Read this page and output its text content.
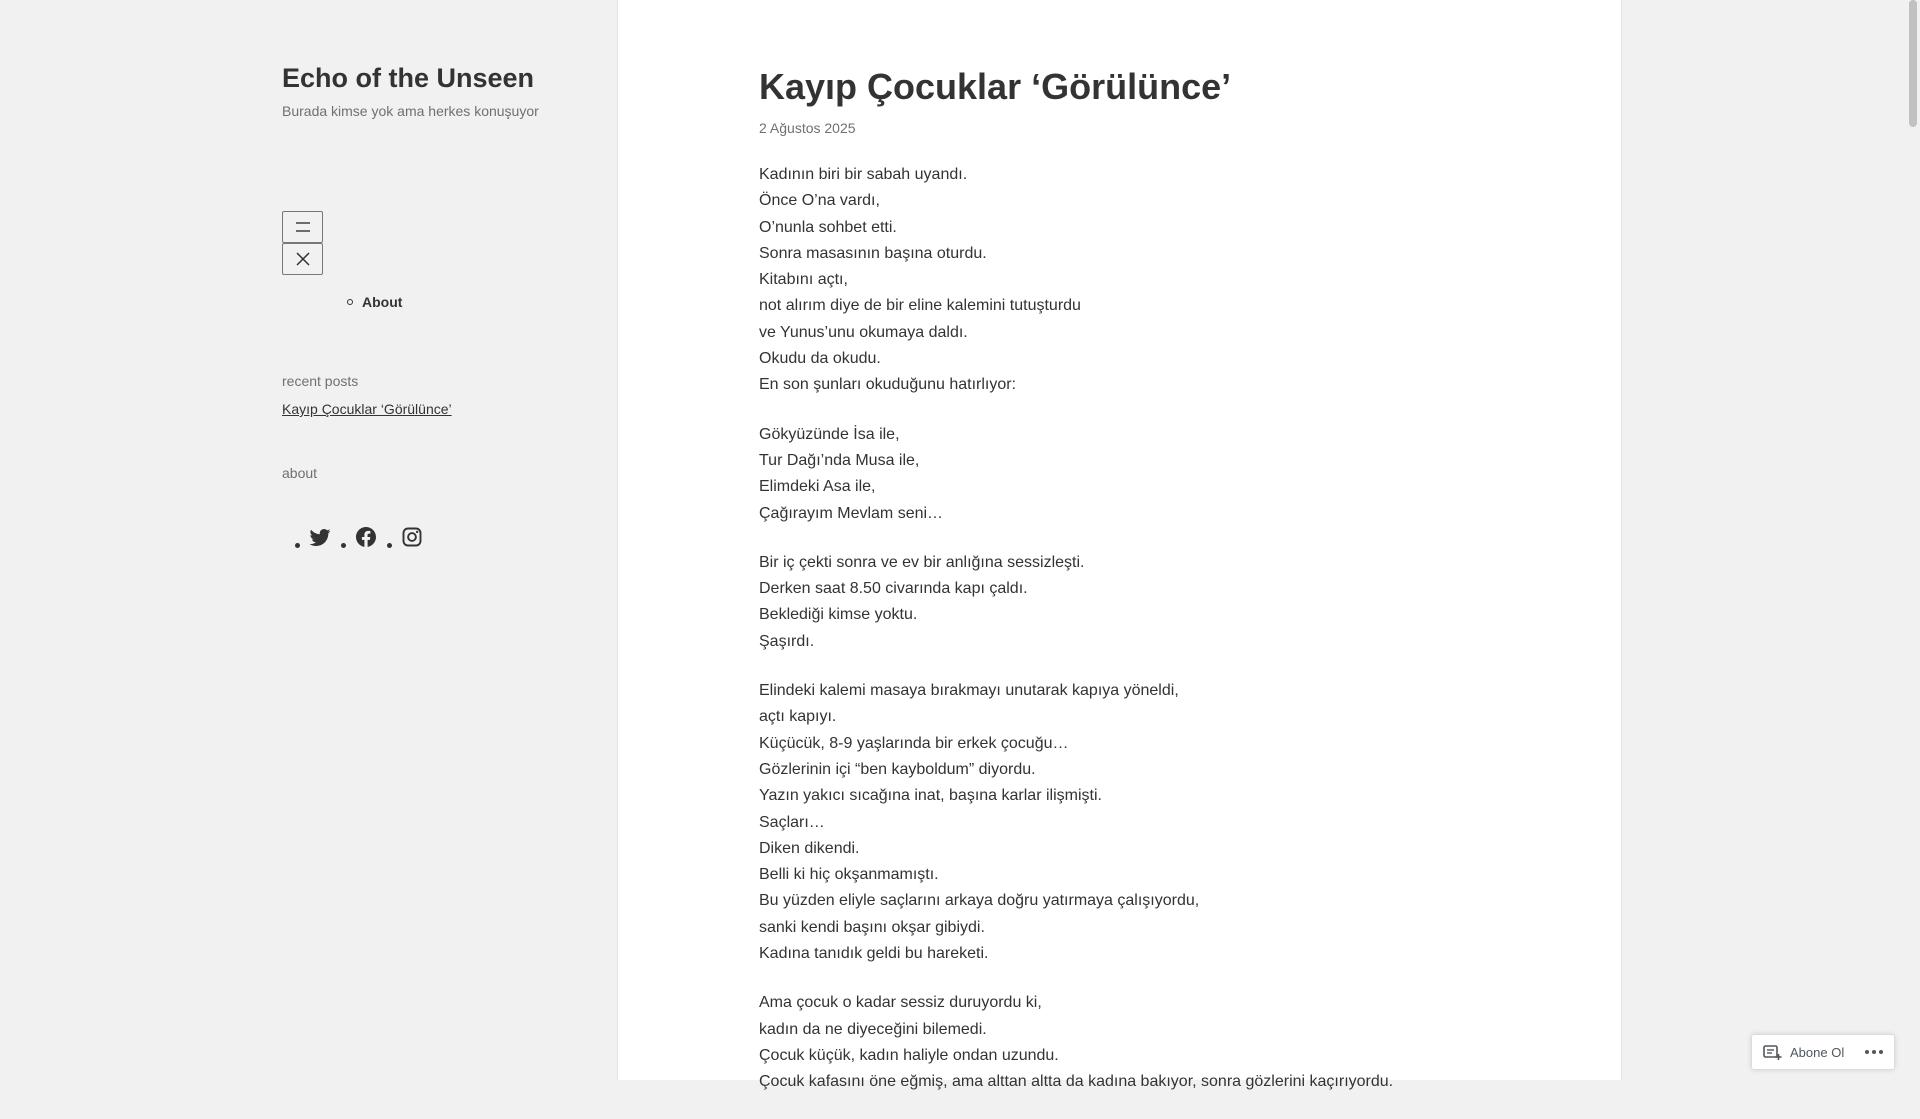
Echo of the Unseen

Burada kimse yok ama herkes konuşuyor

About
recent posts
Kayıp Çocuklar ‘Görülünce’
about
Kayıp Çocuklar ‘Görülünce’
2 Ağustos 2025

Kadının biri bir sabah uyandı.
Önce O’na vardı,
O’nunla sohbet etti.
Sonra masasının başına oturdu.
Kitabını açtı,
not alırım diye de bir eline kalemini tutuşturdu
ve Yunus’unu okumaya daldı.
Okudu da okudu.
En son şunları okuduğunu hatırlıyor:

Gökyüzünde İsa ile,
Tur Dağı’nda Musa ile,
Elimdeki Asa ile,
Çağırayım Mevlam seni…

Bir iç çekti sonra ve ev bir anlığına sessizleşti.
Derken saat 8.50 civarında kapı çaldı.
Beklediği kimse yoktu.
Şaşırdı.

Elindeki kalemi masaya bırakmayı unutarak kapıya yöneldi,
açtı kapıyı.
Küçücük, 8-9 yaşlarında bir erkek çocuğu…
Gözlerinin içi “ben kayboldum” diyordu.
Yazın yakıcı sıcağına inat, başına karlar ilişmişti.
Saçları…
Diken dikendi.
Belli ki hiç okşanmamıştı.
Bu yüzden eliyle saçlarını arkaya doğru yatırmaya çalışıyordu,
sanki kendi başını okşar gibiydi.
Kadına tanıdık geldi bu hareketi.

Ama çocuk o kadar sessiz duruyordu ki,
kadın da ne diyeceğini bilemedi.
Çocuk küçük, kadın haliyle ondan uzundu.
Çocuk kafasını öne eğmiş, ama alttan altta da kadına bakıyor, sonra gözlerini kaçırıyordu.

Abone Ol
